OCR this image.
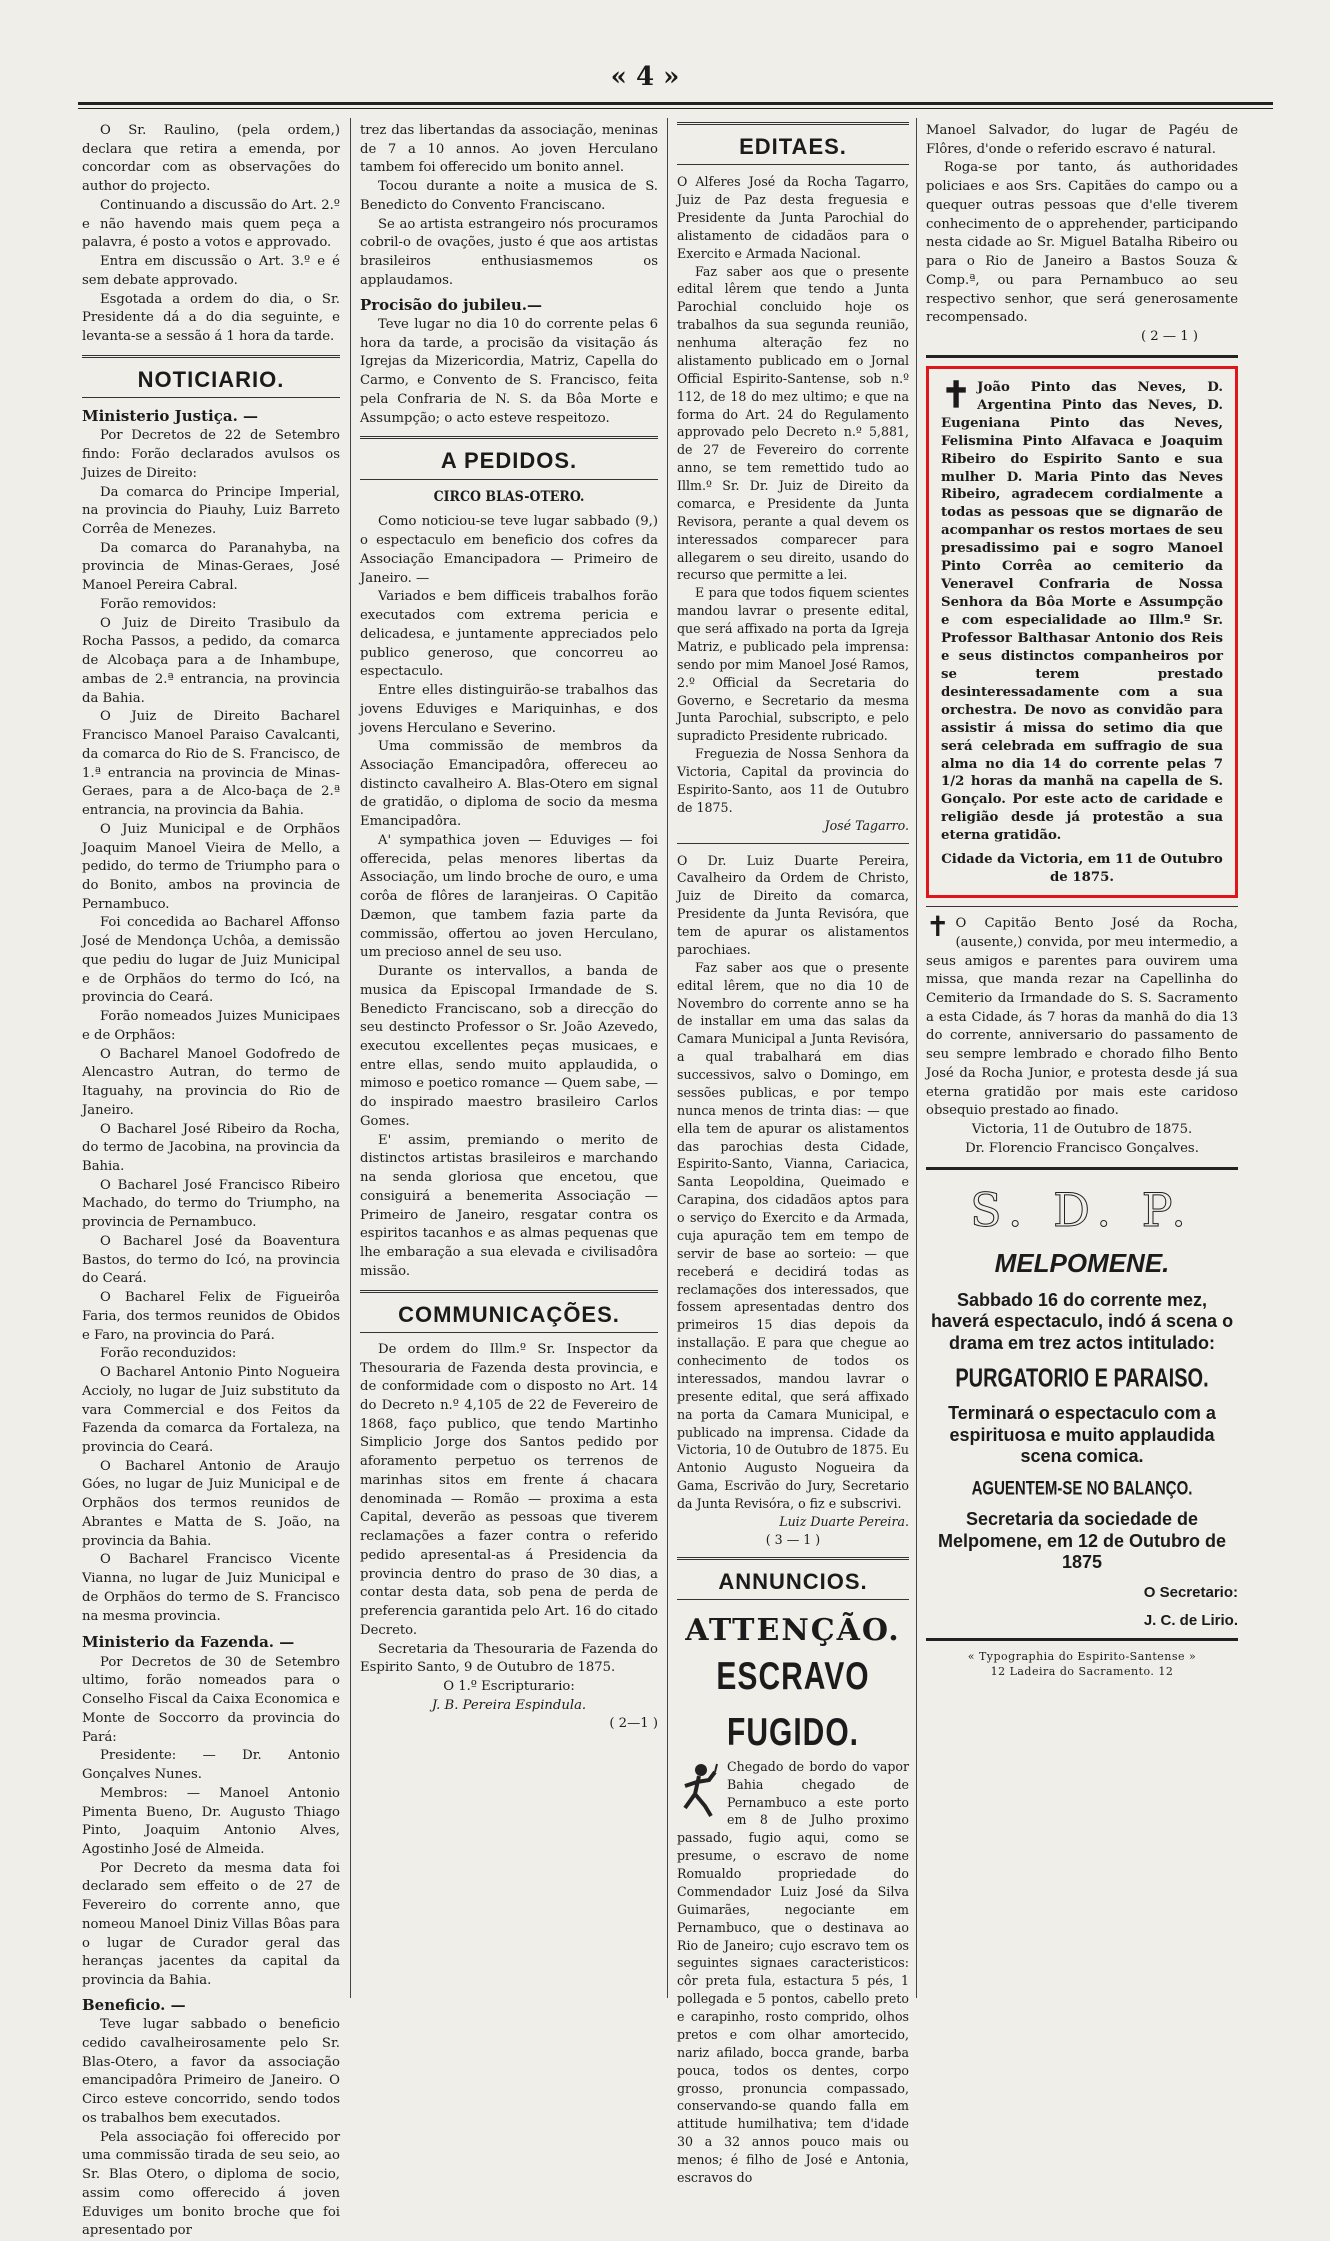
« 4 »

O Sr. Raulino, (pela ordem,) declara que retira a emenda, por concordar com as observações do author do projecto.

Continuando a discussão do Art. 2.º e não havendo mais quem peça a palavra, é posto a votos e approvado.

Entra em discussão o Art. 3.º e é sem debate approvado.

Esgotada a ordem do dia, o Sr. Presidente dá a do dia seguinte, e levanta-se a sessão á 1 hora da tarde.

NOTICIARIO.

Ministerio Justiça. —

Por Decretos de 22 de Setembro findo: Forão declarados avulsos os Juizes de Direito:

Da comarca do Principe Imperial, na provincia do Piauhy, Luiz Barreto Corrêa de Menezes.

Da comarca do Paranahyba, na provincia de Minas-Geraes, José Manoel Pereira Cabral.

Forão removidos:

O Juiz de Direito Trasibulo da Rocha Passos, a pedido, da comarca de Alcobaça para a de Inhambupe, ambas de 2.ª entrancia, na provincia da Bahia.

O Juiz de Direito Bacharel Francisco Manoel Paraiso Cavalcanti, da comarca do Rio de S. Francisco, de 1.ª entrancia na provincia de Minas-Geraes, para a de Alco-baça de 2.ª entrancia, na provincia da Bahia.

O Juiz Municipal e de Orphãos Joaquim Manoel Vieira de Mello, a pedido, do termo de Triumpho para o do Bonito, ambos na provincia de Pernambuco.

Foi concedida ao Bacharel Affonso José de Mendonça Uchôa, a demissão que pediu do lugar de Juiz Municipal e de Orphãos do termo do Icó, na provincia do Ceará.

Forão nomeados Juizes Municipaes e de Orphãos:

O Bacharel Manoel Godofredo de Alencastro Autran, do termo de Itaguahy, na provincia do Rio de Janeiro.

O Bacharel José Ribeiro da Rocha, do termo de Jacobina, na provincia da Bahia.

O Bacharel José Francisco Ribeiro Machado, do termo do Triumpho, na provincia de Pernambuco.

O Bacharel José da Boaventura Bastos, do termo do Icó, na provincia do Ceará.

O Bacharel Felix de Figueirôa Faria, dos termos reunidos de Obidos e Faro, na provincia do Pará.

Forão reconduzidos:

O Bacharel Antonio Pinto Nogueira Accioly, no lugar de Juiz substituto da vara Commercial e dos Feitos da Fazenda da comarca da Fortaleza, na provincia do Ceará.

O Bacharel Antonio de Araujo Góes, no lugar de Juiz Municipal e de Orphãos dos termos reunidos de Abrantes e Matta de S. João, na provincia da Bahia.

O Bacharel Francisco Vicente Vianna, no lugar de Juiz Municipal e de Orphãos do termo de S. Francisco na mesma provincia.

Ministerio da Fazenda. —

Por Decretos de 30 de Setembro ultimo, forão nomeados para o Conselho Fiscal da Caixa Economica e Monte de Soccorro da provincia do Pará:

Presidente: — Dr. Antonio Gonçalves Nunes.

Membros: — Manoel Antonio Pimenta Bueno, Dr. Augusto Thiago Pinto, Joaquim Antonio Alves, Agostinho José de Almeida.

Por Decreto da mesma data foi declarado sem effeito o de 27 de Fevereiro do corrente anno, que nomeou Manoel Diniz Villas Bôas para o lugar de Curador geral das heranças jacentes da capital da provincia da Bahia.

Beneficio. —

Teve lugar sabbado o beneficio cedido cavalheirosamente pelo Sr. Blas-Otero, a favor da associação emancipadôra Primeiro de Janeiro. O Circo esteve concorrido, sendo todos os trabalhos bem executados.

Pela associação foi offerecido por uma commissão tirada de seu seio, ao Sr. Blas Otero, o diploma de socio, assim como offerecido á joven Eduviges um bonito broche que foi apresentado por

trez das libertandas da associação, meninas de 7 a 10 annos. Ao joven Herculano tambem foi offerecido um bonito annel.

Tocou durante a noite a musica de S. Benedicto do Convento Franciscano.

Se ao artista estrangeiro nós procuramos cobril-o de ovações, justo é que aos artistas brasileiros enthusiasmemos os applaudamos.

Procisão do jubileu.—

Teve lugar no dia 10 do corrente pelas 6 hora da tarde, a procisão da visitação ás Igrejas da Mizericordia, Matriz, Capella do Carmo, e Convento de S. Francisco, feita pela Confraria de N. S. da Bôa Morte e Assumpção; o acto esteve respeitozo.

A PEDIDOS.
CIRCO BLAS-OTERO.

Como noticiou-se teve lugar sabbado (9,) o espectaculo em beneficio dos cofres da Associação Emancipadora — Primeiro de Janeiro. —

Variados e bem difficeis trabalhos forão executados com extrema pericia e delicadesa, e juntamente appreciados pelo publico generoso, que concorreu ao espectaculo.

Entre elles distinguirão-se trabalhos das jovens Eduviges e Mariquinhas, e dos jovens Herculano e Severino.

Uma commissão de membros da Associação Emancipadôra, offereceu ao distincto cavalheiro A. Blas-Otero em signal de gratidão, o diploma de socio da mesma Emancipadôra.

A' sympathica joven — Eduviges — foi offerecida, pelas menores libertas da Associação, um lindo broche de ouro, e uma corôa de flôres de laranjeiras. O Capitão Dæmon, que tambem fazia parte da commissão, offertou ao joven Herculano, um precioso annel de seu uso.

Durante os intervallos, a banda de musica da Episcopal Irmandade de S. Benedicto Franciscano, sob a direcção do seu destincto Professor o Sr. João Azevedo, executou excellentes peças musicaes, e entre ellas, sendo muito applaudida, o mimoso e poetico romance — Quem sabe, — do inspirado maestro brasileiro Carlos Gomes.

E' assim, premiando o merito de distinctos artistas brasileiros e marchando na senda gloriosa que encetou, que consiguirá a benemerita Associação — Primeiro de Janeiro, resgatar contra os espiritos tacanhos e as almas pequenas que lhe embaração a sua elevada e civilisadôra missão.

COMMUNICAÇÕES.

De ordem do Illm.º Sr. Inspector da Thesouraria de Fazenda desta provincia, e de conformidade com o disposto no Art. 14 do Decreto n.º 4,105 de 22 de Fevereiro de 1868, faço publico, que tendo Martinho Simplicio Jorge dos Santos pedido por aforamento perpetuo os terrenos de marinhas sitos em frente á chacara denominada — Romão — proxima a esta Capital, deverão as pessoas que tiverem reclamações a fazer contra o referido pedido apresental-as á Presidencia da provincia dentro do praso de 30 dias, a contar desta data, sob pena de perda de preferencia garantida pelo Art. 16 do citado Decreto.

Secretaria da Thesouraria de Fazenda do Espirito Santo, 9 de Outubro de 1875.

O 1.º Escripturario:

J. B. Pereira Espindula.

( 2—1 )

EDITAES.

O Alferes José da Rocha Tagarro, Juiz de Paz desta freguesia e Presidente da Junta Parochial do alistamento de cidadãos para o Exercito e Armada Nacional.

Faz saber aos que o presente edital lêrem que tendo a Junta Parochial concluido hoje os trabalhos da sua segunda reunião, nenhuma alteração fez no alistamento publicado em o Jornal Official Espirito-Santense, sob n.º 112, de 18 do mez ultimo; e que na forma do Art. 24 do Regulamento approvado pelo Decreto n.º 5,881, de 27 de Fevereiro do corrente anno, se tem remettido tudo ao Illm.º Sr. Dr. Juiz de Direito da comarca, e Presidente da Junta Revisora, perante a qual devem os interessados comparecer para allegarem o seu direito, usando do recurso que permitte a lei.

E para que todos fiquem scientes mandou lavrar o presente edital, que será affixado na porta da Igreja Matriz, e publicado pela imprensa: sendo por mim Manoel José Ramos, 2.º Official da Secretaria do Governo, e Secretario da mesma Junta Parochial, subscripto, e pelo supradicto Presidente rubricado.

Freguezia de Nossa Senhora da Victoria, Capital da provincia do Espirito-Santo, aos 11 de Outubro de 1875.

José Tagarro.

O Dr. Luiz Duarte Pereira, Cavalheiro da Ordem de Christo, Juiz de Direito da comarca, Presidente da Junta Revisóra, que tem de apurar os alistamentos parochiaes.

Faz saber aos que o presente edital lêrem, que no dia 10 de Novembro do corrente anno se ha de installar em uma das salas da Camara Municipal a Junta Revisóra, a qual trabalhará em dias successivos, salvo o Domingo, em sessões publicas, e por tempo nunca menos de trinta dias: — que ella tem de apurar os alistamentos das parochias desta Cidade, Espirito-Santo, Vianna, Cariacica, Santa Leopoldina, Queimado e Carapina, dos cidadãos aptos para o serviço do Exercito e da Armada, cuja apuração tem em tempo de servir de base ao sorteio: — que receberá e decidirá todas as reclamações dos interessados, que fossem apresentadas dentro dos primeiros 15 dias depois da installação. E para que chegue ao conhecimento de todos os interessados, mandou lavrar o presente edital, que será affixado na porta da Camara Municipal, e publicado na imprensa. Cidade da Victoria, 10 de Outubro de 1875. Eu Antonio Augusto Nogueira da Gama, Escrivão do Jury, Secretario da Junta Revisóra, o fiz e subscrivi.

Luiz Duarte Pereira.

( 3 — 1 )

ANNUNCIOS.
ATTENÇÃO.
ESCRAVO FUGIDO.

Chegado de bordo do vapor Bahia chegado de Pernambuco a este porto em 8 de Julho proximo passado, fugio aqui, como se presume, o escravo de nome Romualdo propriedade do Commendador Luiz José da Silva Guimarães, negociante em Pernambuco, que o destinava ao Rio de Janeiro; cujo escravo tem os seguintes signaes caracteristicos: côr preta fula, estactura 5 pés, 1 pollegada e 5 pontos, cabello preto e carapinho, rosto comprido, olhos pretos e com olhar amortecido, nariz afilado, bocca grande, barba pouca, todos os dentes, corpo grosso, pronuncia compassado, conservando-se quando falla em attitude humilhativa; tem d'idade 30 a 32 annos pouco mais ou menos; é filho de José e Antonia, escravos do

Manoel Salvador, do lugar de Pagéu de Flôres, d'onde o referido escravo é natural.

Roga-se por tanto, ás authoridades policiaes e aos Srs. Capitães do campo ou a quequer outras pessoas que d'elle tiverem conhecimento de o apprehender, participando nesta cidade ao Sr. Miguel Batalha Ribeiro ou para o Rio de Janeiro a Bastos Souza & Comp.ª, ou para Pernambuco ao seu respectivo senhor, que será generosamente recompensado.

( 2 — 1 )

✝ João Pinto das Neves, D. Argentina Pinto das Neves, D. Eugeniana Pinto das Neves, Felismina Pinto Alfavaca e Joaquim Ribeiro do Espirito Santo e sua mulher D. Maria Pinto das Neves Ribeiro, agradecem cordialmente a todas as pessoas que se dignarão de acompanhar os restos mortaes de seu presadissimo pai e sogro Manoel Pinto Corrêa ao cemiterio da Veneravel Confraria de Nossa Senhora da Bôa Morte e Assumpção e com especialidade ao Illm.º Sr. Professor Balthasar Antonio dos Reis e seus distinctos companheiros por se terem prestado desinteressadamente com a sua orchestra. De novo as convidão para assistir á missa do setimo dia que será celebrada em suffragio de sua alma no dia 14 do corrente pelas 7 1/2 horas da manhã na capella de S. Gonçalo. Por este acto de caridade e religião desde já protestão a sua eterna gratidão.
Cidade da Victoria, em 11 de Outubro de 1875.

✝ O Capitão Bento José da Rocha, (ausente,) convida, por meu intermedio, a seus amigos e parentes para ouvirem uma missa, que manda rezar na Capellinha do Cemiterio da Irmandade do S. S. Sacramento a esta Cidade, ás 7 horas da manhã do dia 13 do corrente, anniversario do passamento de seu sempre lembrado e chorado filho Bento José da Rocha Junior, e protesta desde já sua eterna gratidão por mais este caridoso obsequio prestado ao finado.

Victoria, 11 de Outubro de 1875.

Dr. Florencio Francisco Gonçalves.

S. D. P.
MELPOMENE.
Sabbado 16 do corrente mez, haverá espectaculo, indó á scena o drama em trez actos intitulado:
PURGATORIO E PARAISO.
Terminará o espectaculo com a espirituosa e muito applaudida scena comica.
AGUENTEM-SE NO BALANÇO.
Secretaria da sociedade de Melpomene, em 12 de Outubro de 1875
O Secretario:
J. C. de Lirio.
« Typographia do Espirito-Santense »
12 Ladeira do Sacramento. 12
